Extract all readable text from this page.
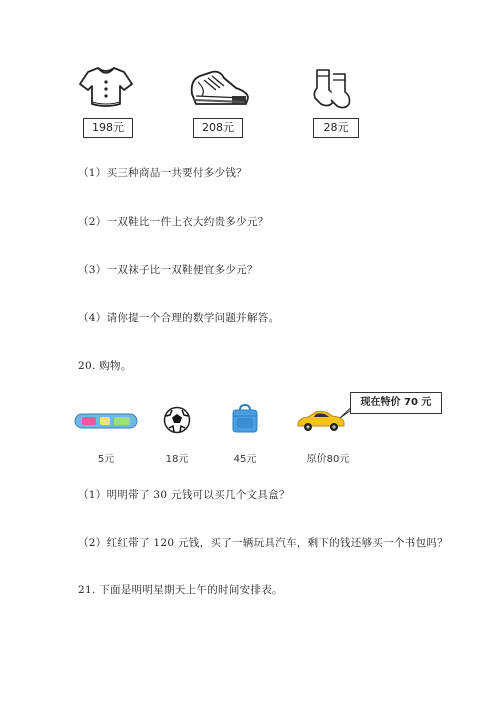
198元	208元	28元
（1）买三种商品一共要付多少钱？
（2）一双鞋比一件上衣大约贵多少元？
（3）一双袜子比一双鞋便宜多少元？
（4）请你提一个合理的数学问题并解答。
20. 购物。
现在特价 70 元
5元	18元	45元	原价80元
（1）明明带了 30 元钱可以买几个文具盒？
（2）红红带了 120 元钱，买了一辆玩具汽车，剩下的钱还够买一个书包吗？
21. 下面是明明星期天上午的时间安排表。
